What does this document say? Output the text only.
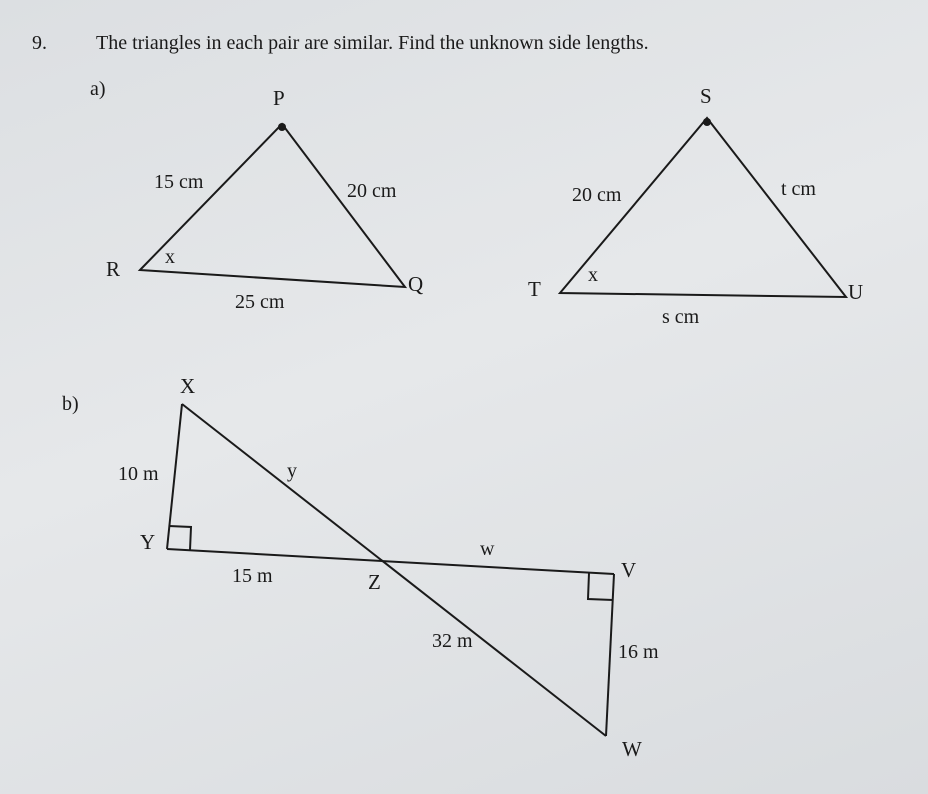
9. The triangles in each pair are similar. Find the unknown side lengths.
a)	P
R
Q
15 cm	20 cm
25 cm
x
S
T	U
20 cm	t cm
s cm
x
b)
X
Y
Z	V
W
10 m	y
15 m
w
32 m	16 m
